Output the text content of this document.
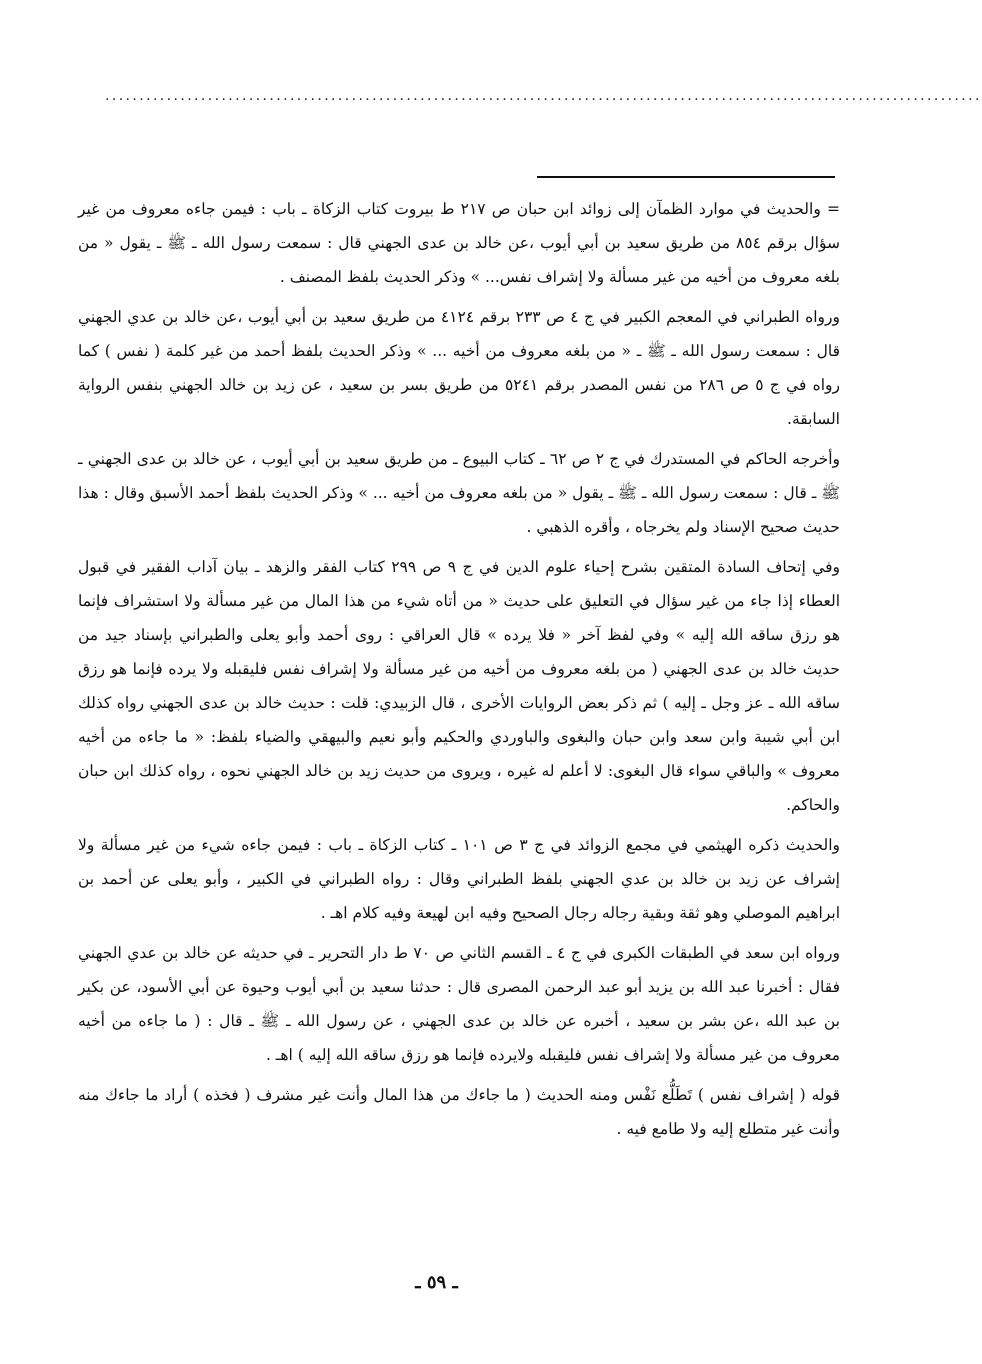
................................................................................................................................

= والحديث في موارد الظمآن إلى زوائد ابن حبان ص ٢١٧ ط بيروت كتاب الزكاة ـ باب : فيمن جاءه معروف من غير سؤال برقم ٨٥٤ من طريق سعيد بن أبي أيوب ،عن خالد بن عدى الجهني قال : سمعت رسول الله ـ ﷺ ـ يقول « من بلغه معروف من أخيه من غير مسألة ولا إشراف نفس... » وذكر الحديث بلفظ المصنف .

ورواه الطبراني في المعجم الكبير في ج ٤ ص ٢٣٣ برقم ٤١٢٤ من طريق سعيد بن أبي أيوب ،عن خالد بن عدي الجهني قال : سمعت رسول الله ـ ﷺ ـ « من بلغه معروف من أخيه ... » وذكر الحديث بلفظ أحمد من غير كلمة ( نفس ) كما رواه في ج ٥ ص ٢٨٦ من نفس المصدر برقم ٥٢٤١ من طريق بسر بن سعيد ، عن زيد بن خالد الجهني بنفس الرواية السابقة.

وأخرجه الحاكم في المستدرك في ج ٢ ص ٦٢ ـ كتاب البيوع ـ من طريق سعيد بن أبي أيوب ، عن خالد بن عدى الجهني ـ ﷺ ـ قال : سمعت رسول الله ـ ﷺ ـ يقول « من بلغه معروف من أخيه ... » وذكر الحديث بلفظ أحمد الأسبق وقال : هذا حديث صحيح الإسناد ولم يخرجاه ، وأقره الذهبي .

وفي إتحاف السادة المتقين بشرح إحياء علوم الدين في ج ٩ ص ٢٩٩ كتاب الفقر والزهد ـ بيان آداب الفقير في قبول العطاء إذا جاء من غير سؤال في التعليق على حديث « من أتاه شيء من هذا المال من غير مسألة ولا استشراف فإنما هو رزق ساقه الله إليه » وفي لفظ آخر « فلا يرده » قال العراقي : روى أحمد وأبو يعلى والطبراني بإسناد جيد من حديث خالد بن عدى الجهني ( من بلغه معروف من أخيه من غير مسألة ولا إشراف نفس فليقبله ولا يرده فإنما هو رزق ساقه الله ـ عز وجل ـ إليه ) ثم ذكر بعض الروايات الأخرى ، قال الزبيدي: قلت : حديث خالد بن عدى الجهني رواه كذلك ابن أبي شيبة وابن سعد وابن حبان والبغوى والباوردي والحكيم وأبو نعيم والبيهقي والضياء بلفظ: « ما جاءه من أخيه معروف » والباقي سواء قال البغوى: لا أعلم له غيره ، ويروى من حديث زيد بن خالد الجهني نحوه ، رواه كذلك ابن حبان والحاكم.

والحديث ذكره الهيثمي في مجمع الزوائد في ج ٣ ص ١٠١ ـ كتاب الزكاة ـ باب : فيمن جاءه شيء من غير مسألة ولا إشراف عن زيد بن خالد بن عدي الجهني بلفظ الطبراني وقال : رواه الطبراني في الكبير ، وأبو يعلى عن أحمد بن ابراهيم الموصلي وهو ثقة وبقية رجاله رجال الصحيح وفيه ابن لهيعة وفيه كلام اهـ .

ورواه ابن سعد في الطبقات الكبرى في ج ٤ ـ القسم الثاني ص ٧٠ ط دار التحرير ـ في حديثه عن خالد بن عدي الجهني فقال : أخبرنا عبد الله بن يزيد أبو عبد الرحمن المصرى قال : حدثنا سعيد بن أبي أيوب وحيوة عن أبي الأسود، عن بكير بن عبد الله ،عن بشر بن سعيد ، أخبره عن خالد بن عدى الجهني ، عن رسول الله ـ ﷺ ـ قال : ( ما جاءه من أخيه معروف من غير مسألة ولا إشراف نفس فليقبله ولايرده فإنما هو رزق ساقه الله إليه ) اهـ .

قوله ( إشراف نفس ) تَطَلُّع نَفْس ومنه الحديث ( ما جاءك من هذا المال وأنت غير مشرف ( فخذه ) أراد ما جاءك منه وأنت غير متطلع إليه ولا طامع فيه .

ـ ٥٩ ـ
